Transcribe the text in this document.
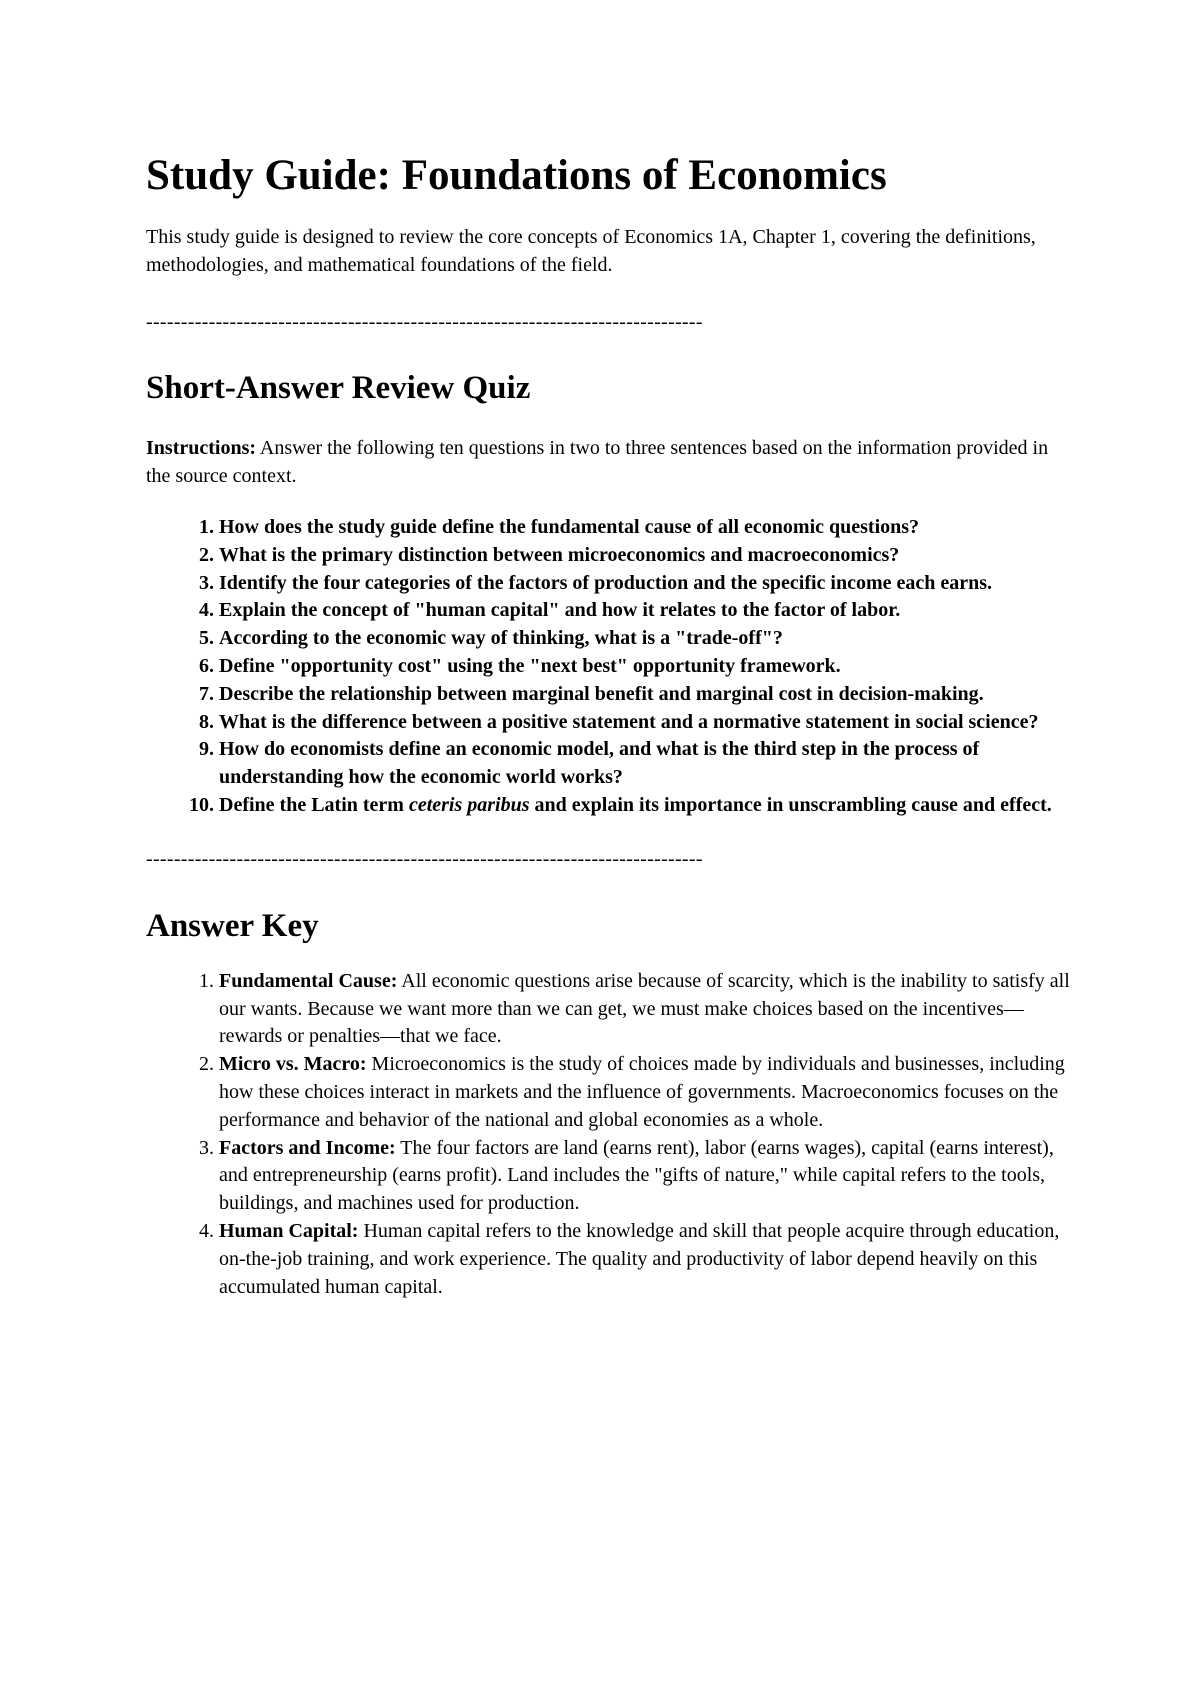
Study Guide: Foundations of Economics

This study guide is designed to review the core concepts of Economics 1A, Chapter 1, covering the definitions, methodologies, and mathematical foundations of the field.

--------------------------------------------------------------------------------
Short-Answer Review Quiz

Instructions: Answer the following ten questions in two to three sentences based on the information provided in the source context.

1. How does the study guide define the fundamental cause of all economic questions?
2. What is the primary distinction between microeconomics and macroeconomics?
3. Identify the four categories of the factors of production and the specific income each earns.
4. Explain the concept of "human capital" and how it relates to the factor of labor.
5. According to the economic way of thinking, what is a "trade-off"?
6. Define "opportunity cost" using the "next best" opportunity framework.
7. Describe the relationship between marginal benefit and marginal cost in decision-making.
8. What is the difference between a positive statement and a normative statement in social science?
9. How do economists define an economic model, and what is the third step in the process of understanding how the economic world works?
10. Define the Latin term ceteris paribus and explain its importance in unscrambling cause and effect.
--------------------------------------------------------------------------------
Answer Key
1. Fundamental Cause: All economic questions arise because of scarcity, which is the inability to satisfy all our wants. Because we want more than we can get, we must make choices based on the incentives—rewards or penalties—that we face.
2. Micro vs. Macro: Microeconomics is the study of choices made by individuals and businesses, including how these choices interact in markets and the influence of governments. Macroeconomics focuses on the performance and behavior of the national and global economies as a whole.
3. Factors and Income: The four factors are land (earns rent), labor (earns wages), capital (earns interest), and entrepreneurship (earns profit). Land includes the "gifts of nature," while capital refers to the tools, buildings, and machines used for production.
4. Human Capital: Human capital refers to the knowledge and skill that people acquire through education, on-the-job training, and work experience. The quality and productivity of labor depend heavily on this accumulated human capital.
